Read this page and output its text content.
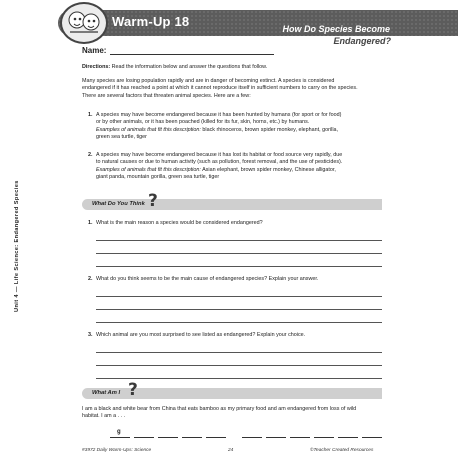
Warm-Up 18	How Do Species Become
Endangered?
Unit 4 — Life Science: Endangered Species
Name:
Directions: Read the information below and answer the questions that follow.
Many species are losing population rapidly and are in danger of becoming extinct. A species is considered
endangered if it has reached a point at which it cannot reproduce itself in sufficient numbers to carry on the species.
There are several factors that threaten animal species. Here are a few:
1. A species may have become endangered because it has been hunted by humans (for sport or for food)
or by other animals, or it has been poached (killed for its fur, skin, horns, etc.) by humans.
Examples of animals that fit this description: black rhinoceros, brown spider monkey, elephant, gorilla,
green sea turtle, tiger
2. A species may have become endangered because it has lost its habitat or food source very rapidly, due
to natural causes or due to human activity (such as pollution, forest removal, and the use of pesticides).
Examples of animals that fit this description: Asian elephant, brown spider monkey, Chinese alligator,
giant panda, mountain gorilla, green sea turtle, tiger
What Do You Think ?
1. What is the main reason a species would be considered endangered?
2. What do you think seems to be the main cause of endangered species? Explain your answer.
3. Which animal are you most surprised to see listed as endangered? Explain your choice.
What Am I ?
I am a black and white bear from China that eats bamboo as my primary food and am endangered from loss of wild
habitat. I am a . . .
g
#3972 Daily Warm-Ups: Science	24	©Teacher Created Resources
